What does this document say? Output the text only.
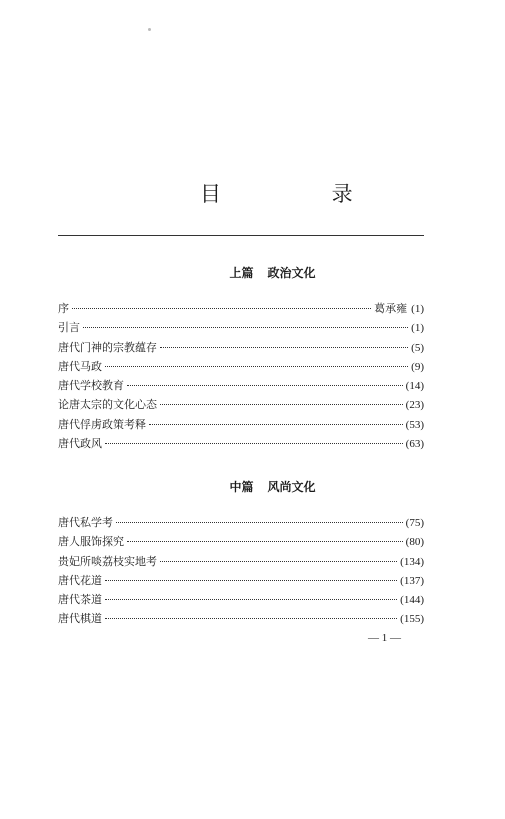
目 录
上篇 政治文化
序	葛承雍 (1)
引言	(1)
唐代门神的宗教蕴存	(5)
唐代马政	(9)
唐代学校教育	(14)
论唐太宗的文化心态	(23)
唐代俘虏政策考释	(53)
唐代政风	(63)
中篇 风尚文化
唐代私学考	(75)
唐人服饰探究	(80)
贵妃所啖荔枝实地考	(134)
唐代花道	(137)
唐代茶道	(144)
唐代棋道	(155)
— 1 —
